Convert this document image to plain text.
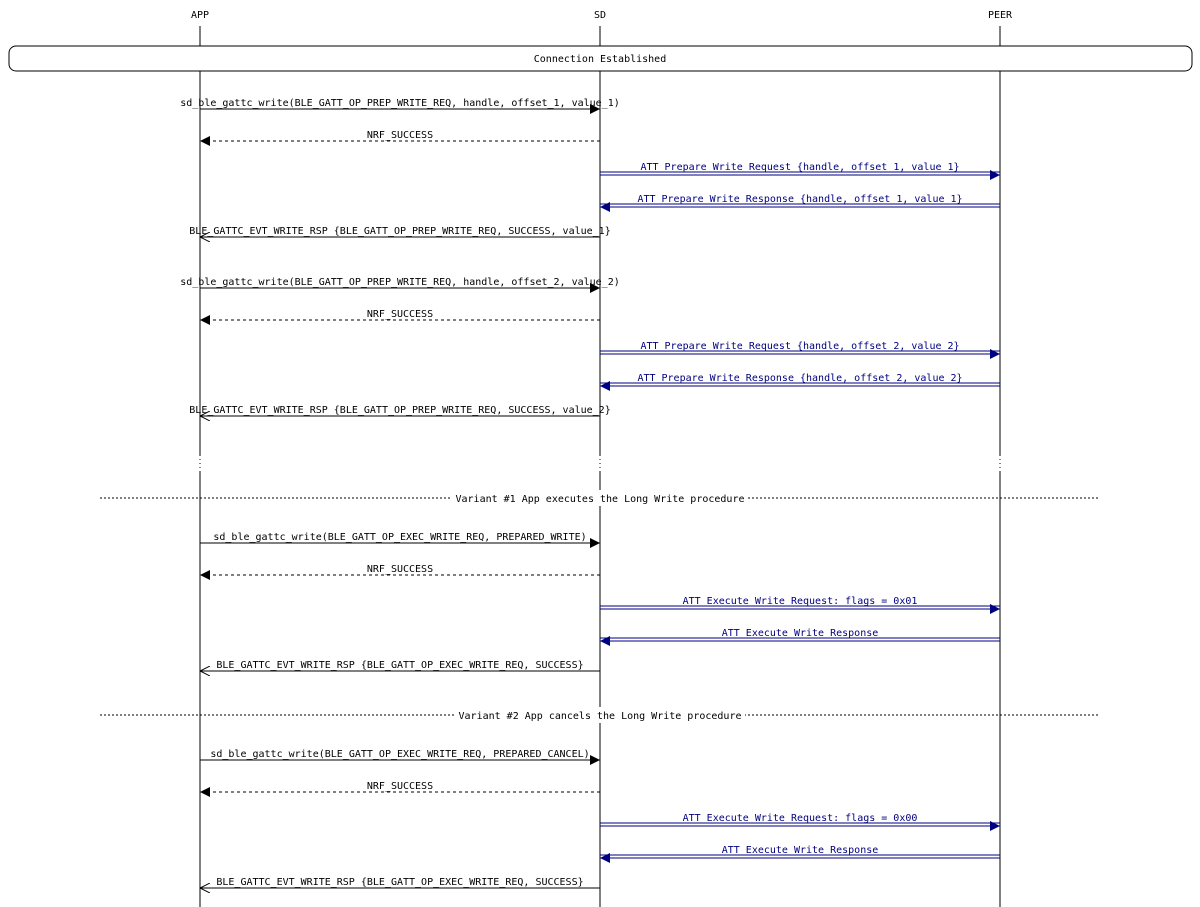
APP	SD	PEER
Connection Established
sd_ble_gattc_write(BLE_GATT_OP_PREP_WRITE_REQ, handle, offset_1, value_1)
NRF_SUCCESS
ATT Prepare Write Request {handle, offset_1, value_1}
ATT Prepare Write Response {handle, offset_1, value_1}
BLE_GATTC_EVT_WRITE_RSP {BLE_GATT_OP_PREP_WRITE_REQ, SUCCESS, value_1}
sd_ble_gattc_write(BLE_GATT_OP_PREP_WRITE_REQ, handle, offset_2, value_2)
NRF_SUCCESS
ATT Prepare Write Request {handle, offset_2, value_2}
ATT Prepare Write Response {handle, offset_2, value_2}
BLE_GATTC_EVT_WRITE_RSP {BLE_GATT_OP_PREP_WRITE_REQ, SUCCESS, value_2}
Variant #1 App executes the Long Write procedure
sd_ble_gattc_write(BLE_GATT_OP_EXEC_WRITE_REQ, PREPARED_WRITE)
NRF_SUCCESS
ATT Execute Write Request: flags = 0x01
ATT Execute Write Response
BLE_GATTC_EVT_WRITE_RSP {BLE_GATT_OP_EXEC_WRITE_REQ, SUCCESS}
Variant #2 App cancels the Long Write procedure
sd_ble_gattc_write(BLE_GATT_OP_EXEC_WRITE_REQ, PREPARED_CANCEL)
NRF_SUCCESS
ATT Execute Write Request: flags = 0x00
ATT Execute Write Response
BLE_GATTC_EVT_WRITE_RSP {BLE_GATT_OP_EXEC_WRITE_REQ, SUCCESS}
